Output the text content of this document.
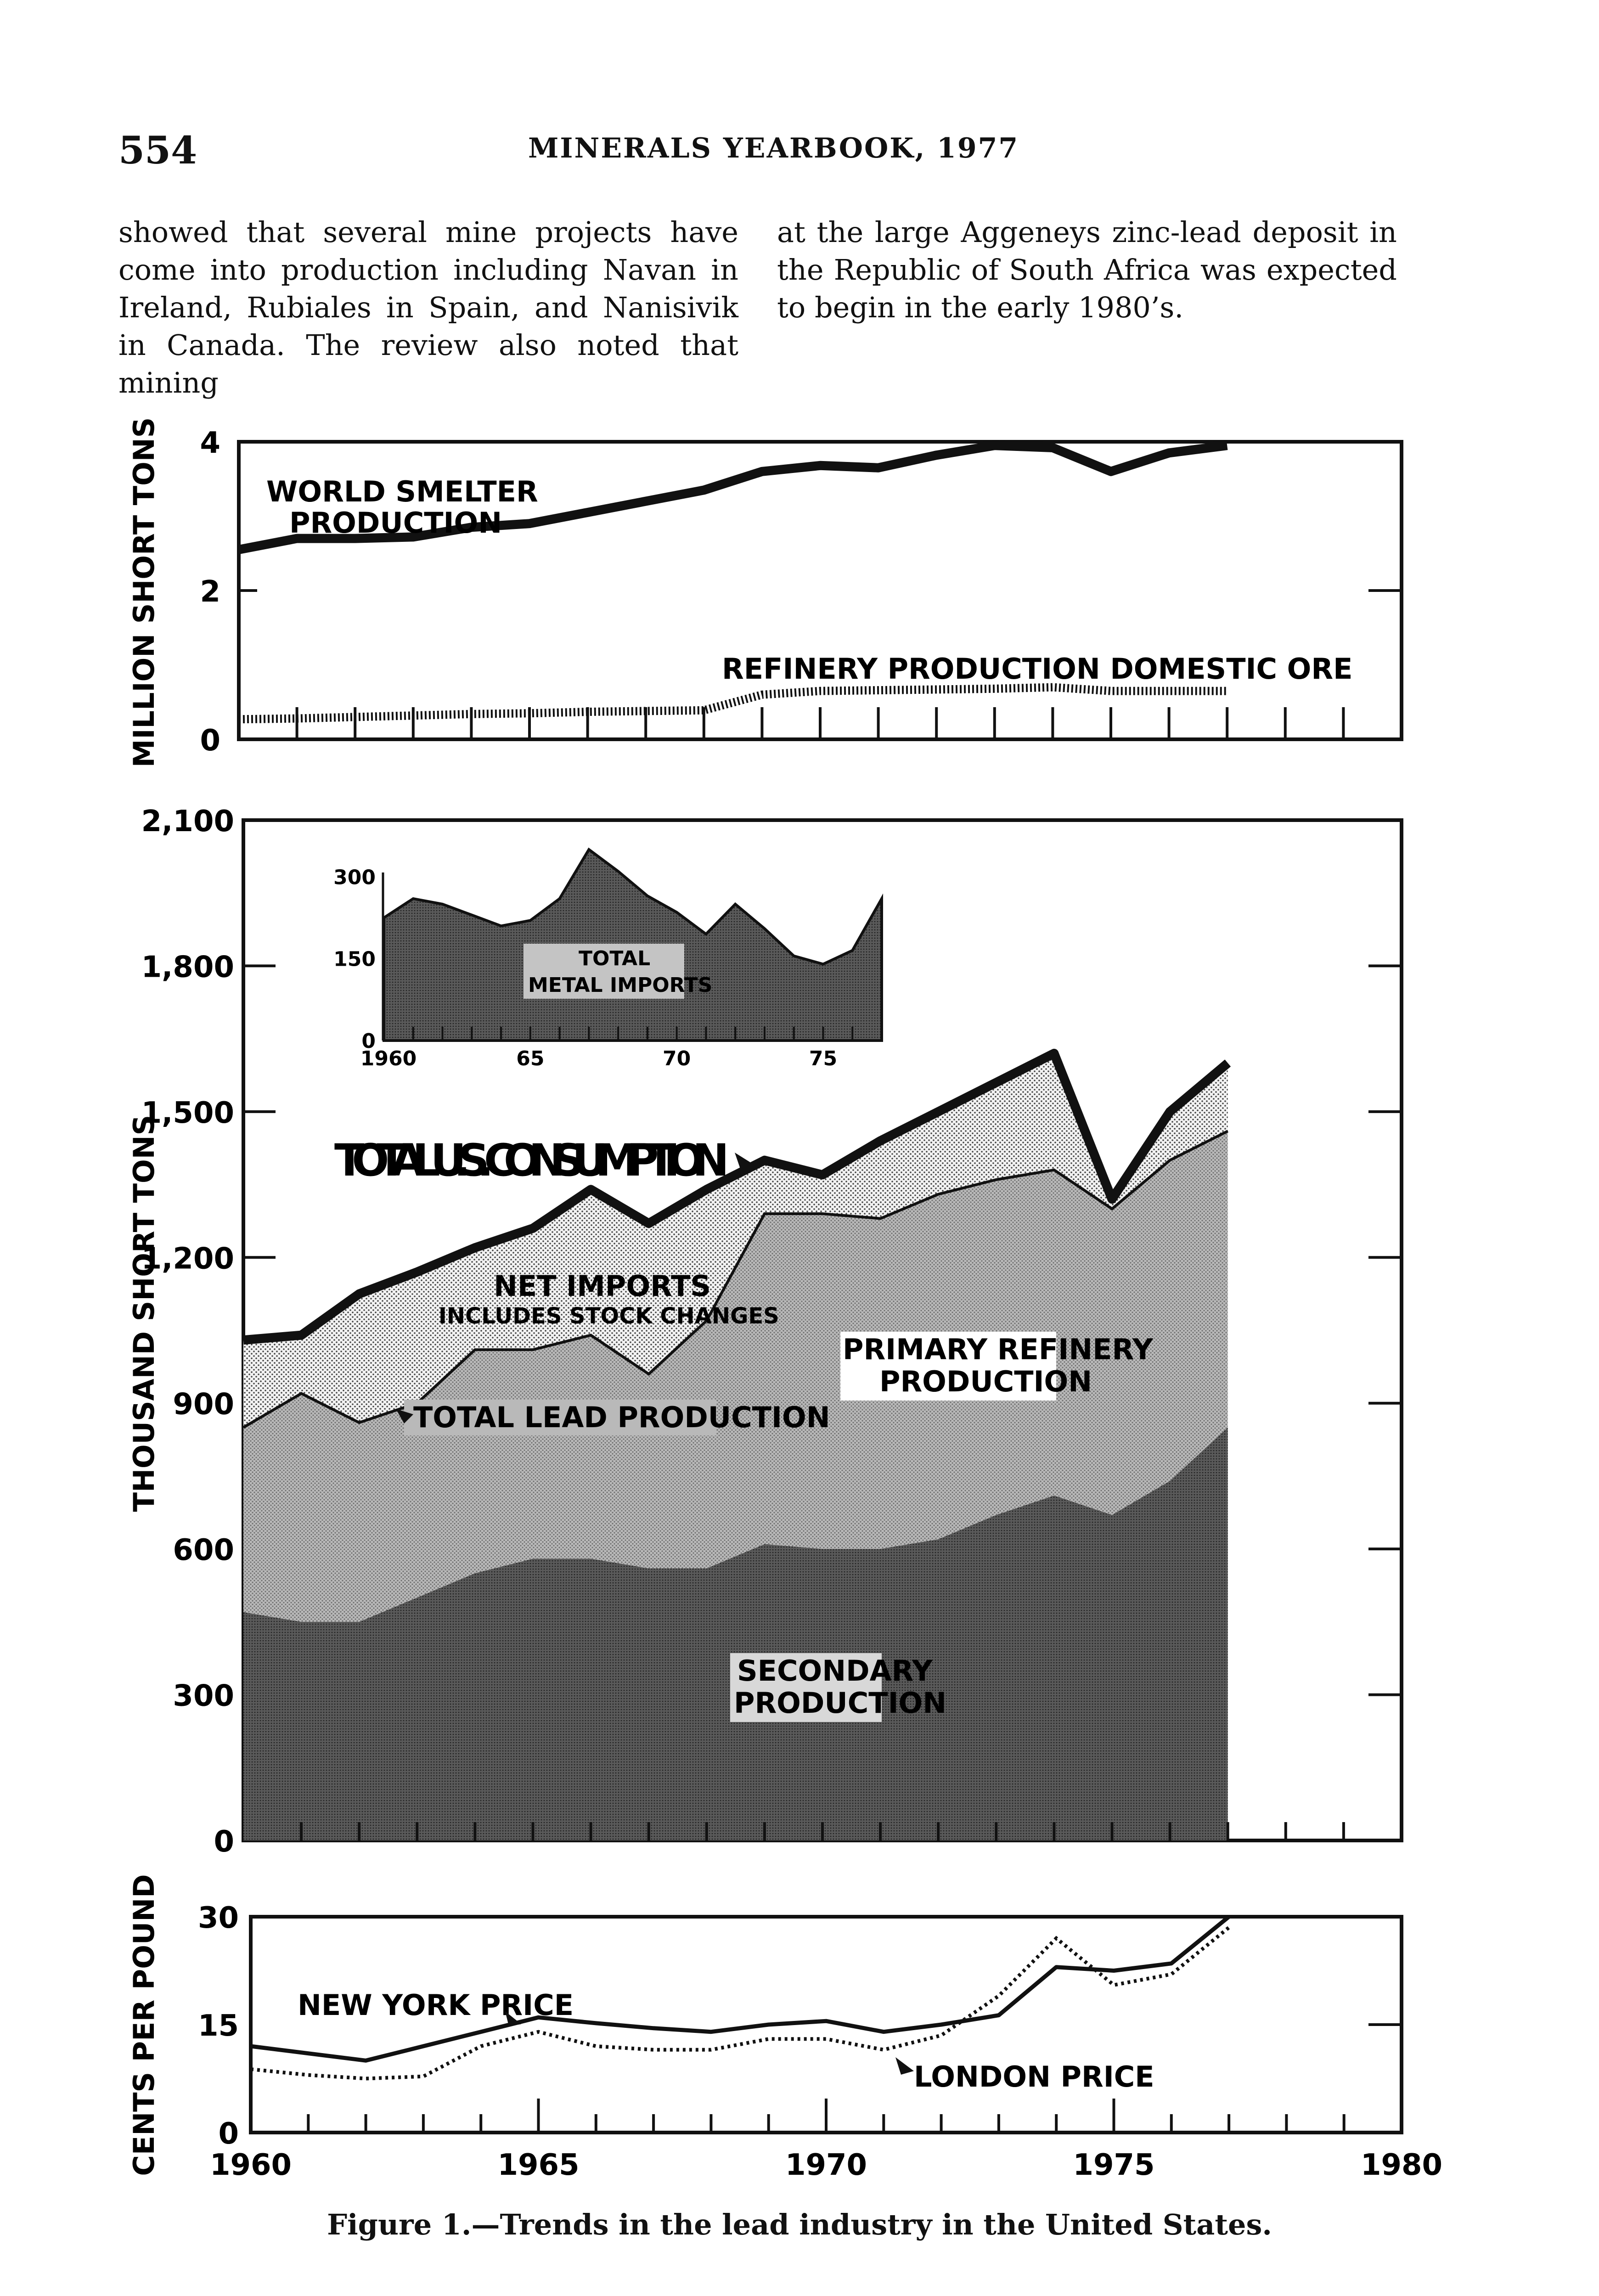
554	MINERALS YEARBOOK, 1977

showed that several mine projects have come into production including Navan in Ireland, Rubiales in Spain, and Nanisivik in Canada. The review also noted that mining

at the large Aggeneys zinc-lead deposit in the Republic of South Africa was expected to begin in the early 1980’s.

MILLION SHORT TONS 4
2
0
WORLD SMELTER
PRODUCTION
REFINERY PRODUCTION DOMESTIC ORE
THOUSAND SHORT TONS
2,100
1,800
1,500
1,200
900
600
300
0
TOTAL U.S. CONSUMPTION
NET IMPORTS
INCLUDES STOCK CHANGES
TOTAL LEAD PRODUCTION
PRIMARY REFINERY
PRODUCTION
SECONDARY
PRODUCTION
300
150
0
1960	65	70	75
TOTAL
METAL IMPORTS
CENTS PER POUND 30
15
0
1960	1965	1970	1975	1980
NEW YORK PRICE
LONDON PRICE
Figure 1.—Trends in the lead industry in the United States.
